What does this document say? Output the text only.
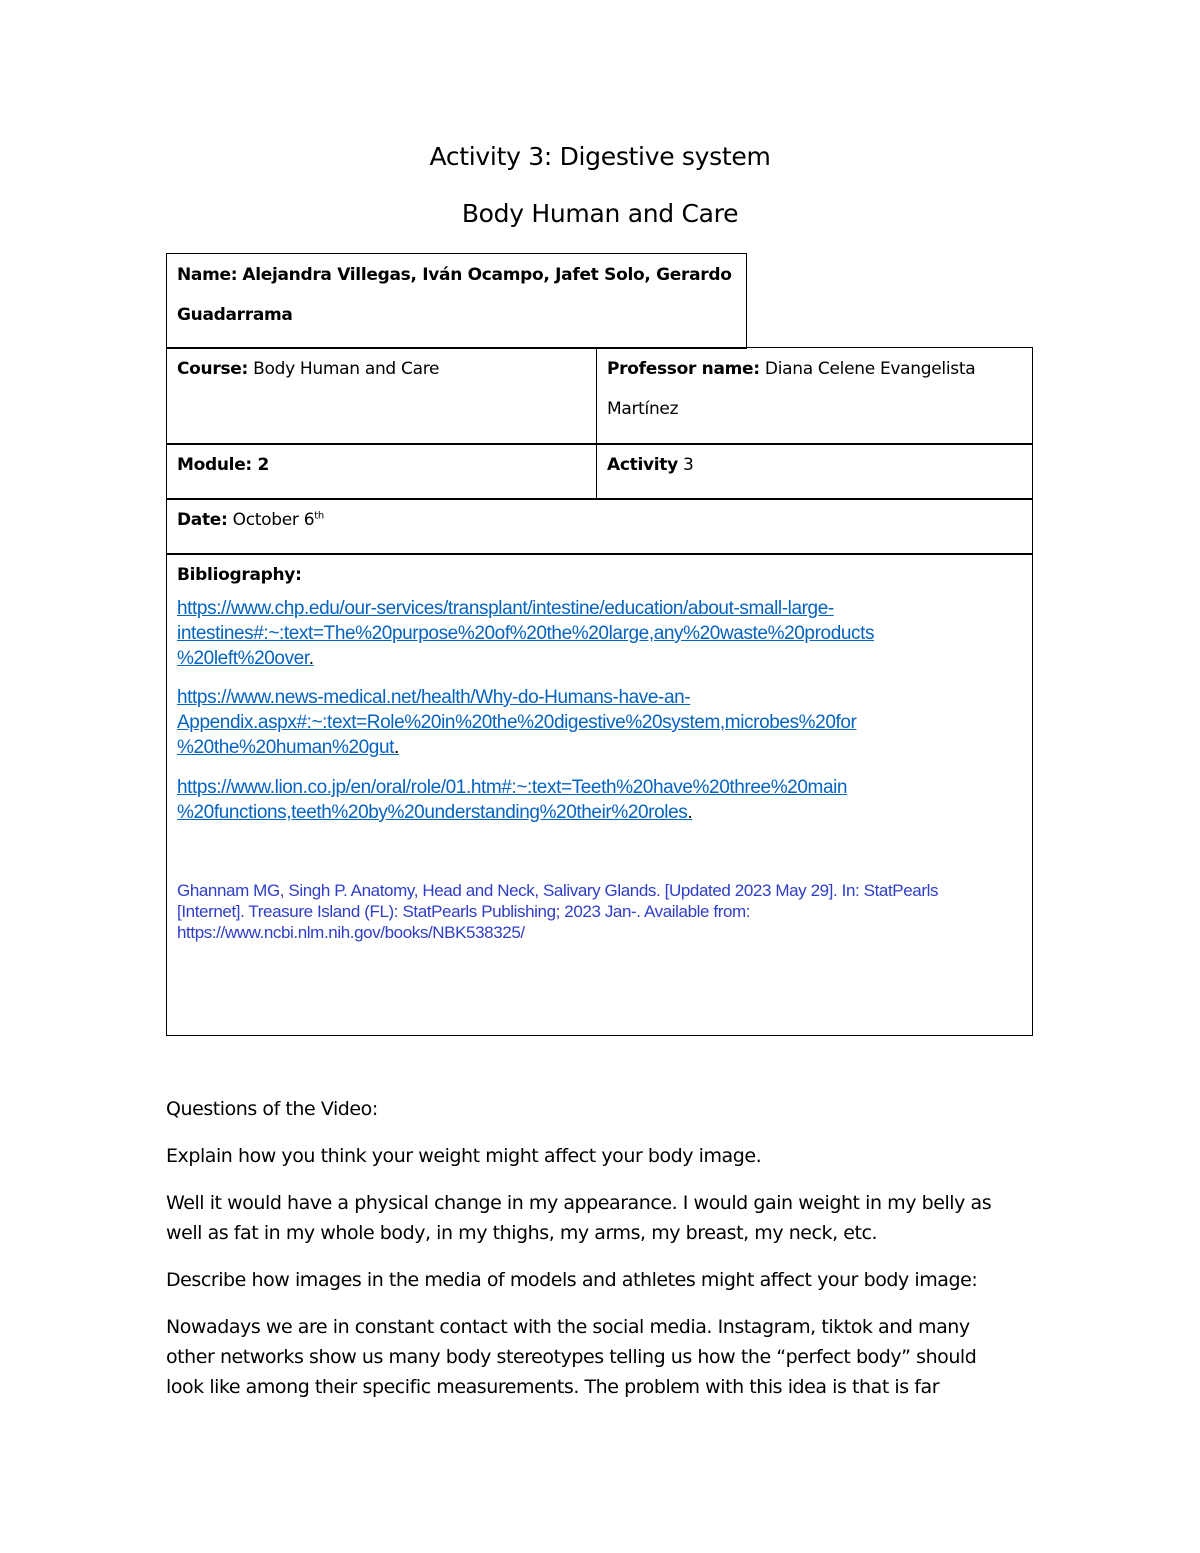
Activity 3: Digestive system
Body Human and Care
Name: Alejandra Villegas, Iván Ocampo, Jafet Solo, Gerardo
Guadarrama
Course: Body Human and Care	Professor name: Diana Celene Evangelista
Martínez
Module: 2	Activity 3
Date: October 6th
Bibliography:
https://www.chp.edu/our-services/transplant/intestine/education/about-small-large-
intestines#:~:text=The%20purpose%20of%20the%20large,any%20waste%20products
%20left%20over.
https://www.news-medical.net/health/Why-do-Humans-have-an-
Appendix.aspx#:~:text=Role%20in%20the%20digestive%20system,microbes%20for
%20the%20human%20gut.
https://www.lion.co.jp/en/oral/role/01.htm#:~:text=Teeth%20have%20three%20main
%20functions,teeth%20by%20understanding%20their%20roles.
Ghannam MG, Singh P. Anatomy, Head and Neck, Salivary Glands. [Updated 2023 May 29]. In: StatPearls
[Internet]. Treasure Island (FL): StatPearls Publishing; 2023 Jan-. Available from:
https://www.ncbi.nlm.nih.gov/books/NBK538325/
Questions of the Video:
Explain how you think your weight might affect your body image.
Well it would have a physical change in my appearance. I would gain weight in my belly as
well as fat in my whole body, in my thighs, my arms, my breast, my neck, etc.
Describe how images in the media of models and athletes might affect your body image:
Nowadays we are in constant contact with the social media. Instagram, tiktok and many
other networks show us many body stereotypes telling us how the “perfect body” should
look like among their specific measurements. The problem with this idea is that is far
